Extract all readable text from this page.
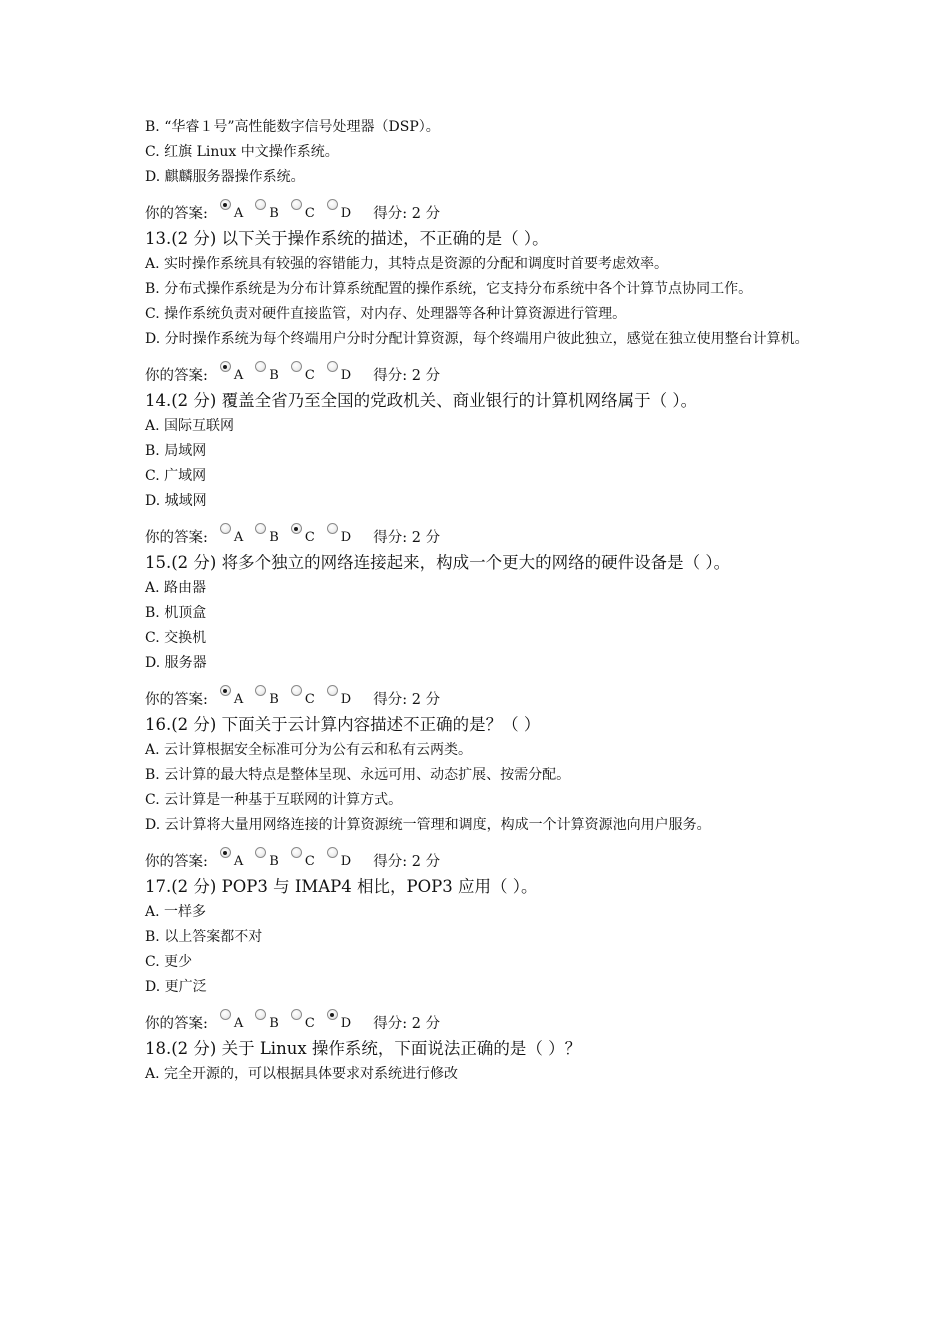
B. “华睿１号”高性能数字信号处理器（DSP）。
C. 红旗 Linux 中文操作系统。
D. 麒麟服务器操作系统。
你的答案: A B C D 得分: 2 分
13.(2 分) 以下关于操作系统的描述，不正确的是（ ）。
A. 实时操作系统具有较强的容错能力，其特点是资源的分配和调度时首要考虑效率。
B. 分布式操作系统是为分布计算系统配置的操作系统，它支持分布系统中各个计算节点协同工作。
C. 操作系统负责对硬件直接监管，对内存、处理器等各种计算资源进行管理。
D. 分时操作系统为每个终端用户分时分配计算资源，每个终端用户彼此独立，感觉在独立使用整台计算机。
你的答案: A B C D 得分: 2 分
14.(2 分) 覆盖全省乃至全国的党政机关、商业银行的计算机网络属于（ ）。
A. 国际互联网
B. 局域网
C. 广域网
D. 城域网
你的答案: A B C D 得分: 2 分
15.(2 分) 将多个独立的网络连接起来，构成一个更大的网络的硬件设备是（ ）。
A. 路由器
B. 机顶盒
C. 交换机
D. 服务器
你的答案: A B C D 得分: 2 分
16.(2 分) 下面关于云计算内容描述不正确的是？（ ）
A. 云计算根据安全标准可分为公有云和私有云两类。
B. 云计算的最大特点是整体呈现、永远可用、动态扩展、按需分配。
C. 云计算是一种基于互联网的计算方式。
D. 云计算将大量用网络连接的计算资源统一管理和调度，构成一个计算资源池向用户服务。
你的答案: A B C D 得分: 2 分
17.(2 分) POP3 与 IMAP4 相比，POP3 应用（ ）。
A. 一样多
B. 以上答案都不对
C. 更少
D. 更广泛
你的答案: A B C D 得分: 2 分
18.(2 分) 关于 Linux 操作系统，下面说法正确的是（ ）？
A. 完全开源的，可以根据具体要求对系统进行修改
